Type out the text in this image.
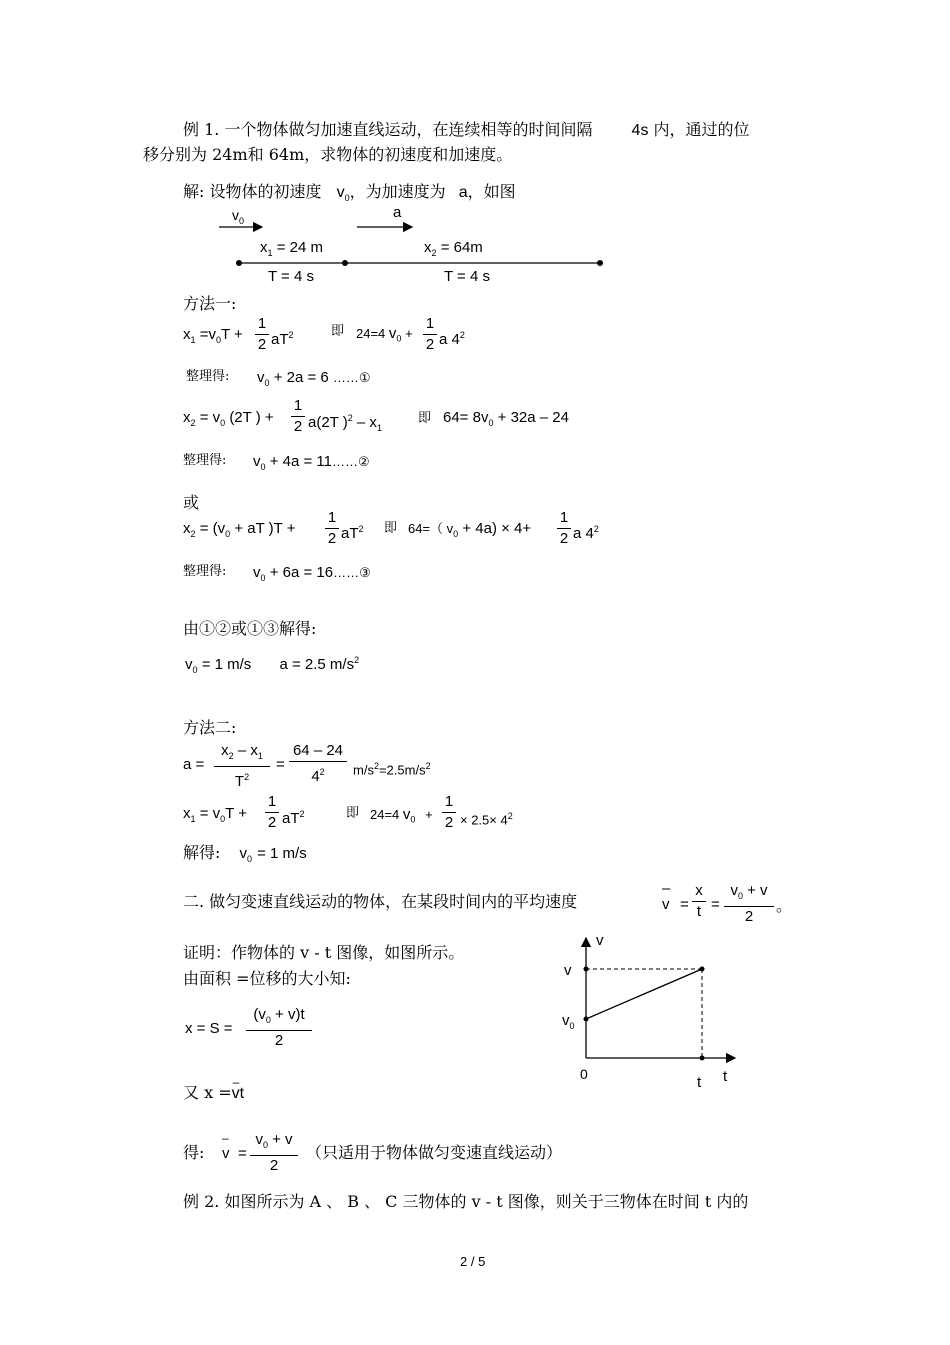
例 1. 一个物体做匀加速直线运动，在连续相等的时间间隔 4s 内，通过的位
移分别为 24m和 64m，求物体的初速度和加速度。
解: 设物体的初速度 $v_0$，为加速度为 a，如图
$v_0$	a
$x_1 = 24$ m	$x_2 = 64m$
T = 4 s	T = 4 s
方法一:
$x_1 =v_0T$ +
1
2 $aT^2$	即 24=4 $v_0$ +
1
2 a $4^2$
整理得: $v_0 + 2a = 6$ ……①
$x_2 = v_0$ (2T ) +
1
2 a(2T )$^2 - x_1$
即 $64= 8v_0 + 32a - 24$
整理得: $v_0 + 4a$ = 11……②
或
$x_2 = (v_0$ + aT )T +
1
2 $aT^2$ 即 64=（ $v_0 + 4a) \times 4+$
1
2 a $4^2$
整理得: $v_0 + 6a$ = 16……③
由①②或①③解得:
$v_0 = 1$ m/s a = 2.5 $m/s^2$
方法二:
a =
$x_2 - x_1$
$T^2$
=
64 – 24
$4^2$	$m/s^2=2.5m/s^2$
$x_1 = v_0T$ +
1
2 $aT^2$	即 24=4 $v_0$ +
1
$2 \times 2.5\times 4^2$
解得: $v_0 = 1$ m/s
二. 做匀变速直线运动的物体，在某段时间内的平均速度
–
v =
x
t =
$v_0 + v$
2
。
证明：作物体的 v - t 图像，如图所示。
由面积 =位移的大小知:
x = S =
$(v_0 + v)t$
2
又 x =
–
vt
得:
–
v =
$v_0 + v$
2
（只适用于物体做匀变速直线运动）
v
v
$v_0$
0	t t
例 2. 如图所示为 A 、 B 、 C 三物体的 v - t 图像，则关于三物体在时间 t 内的
2 / 5
